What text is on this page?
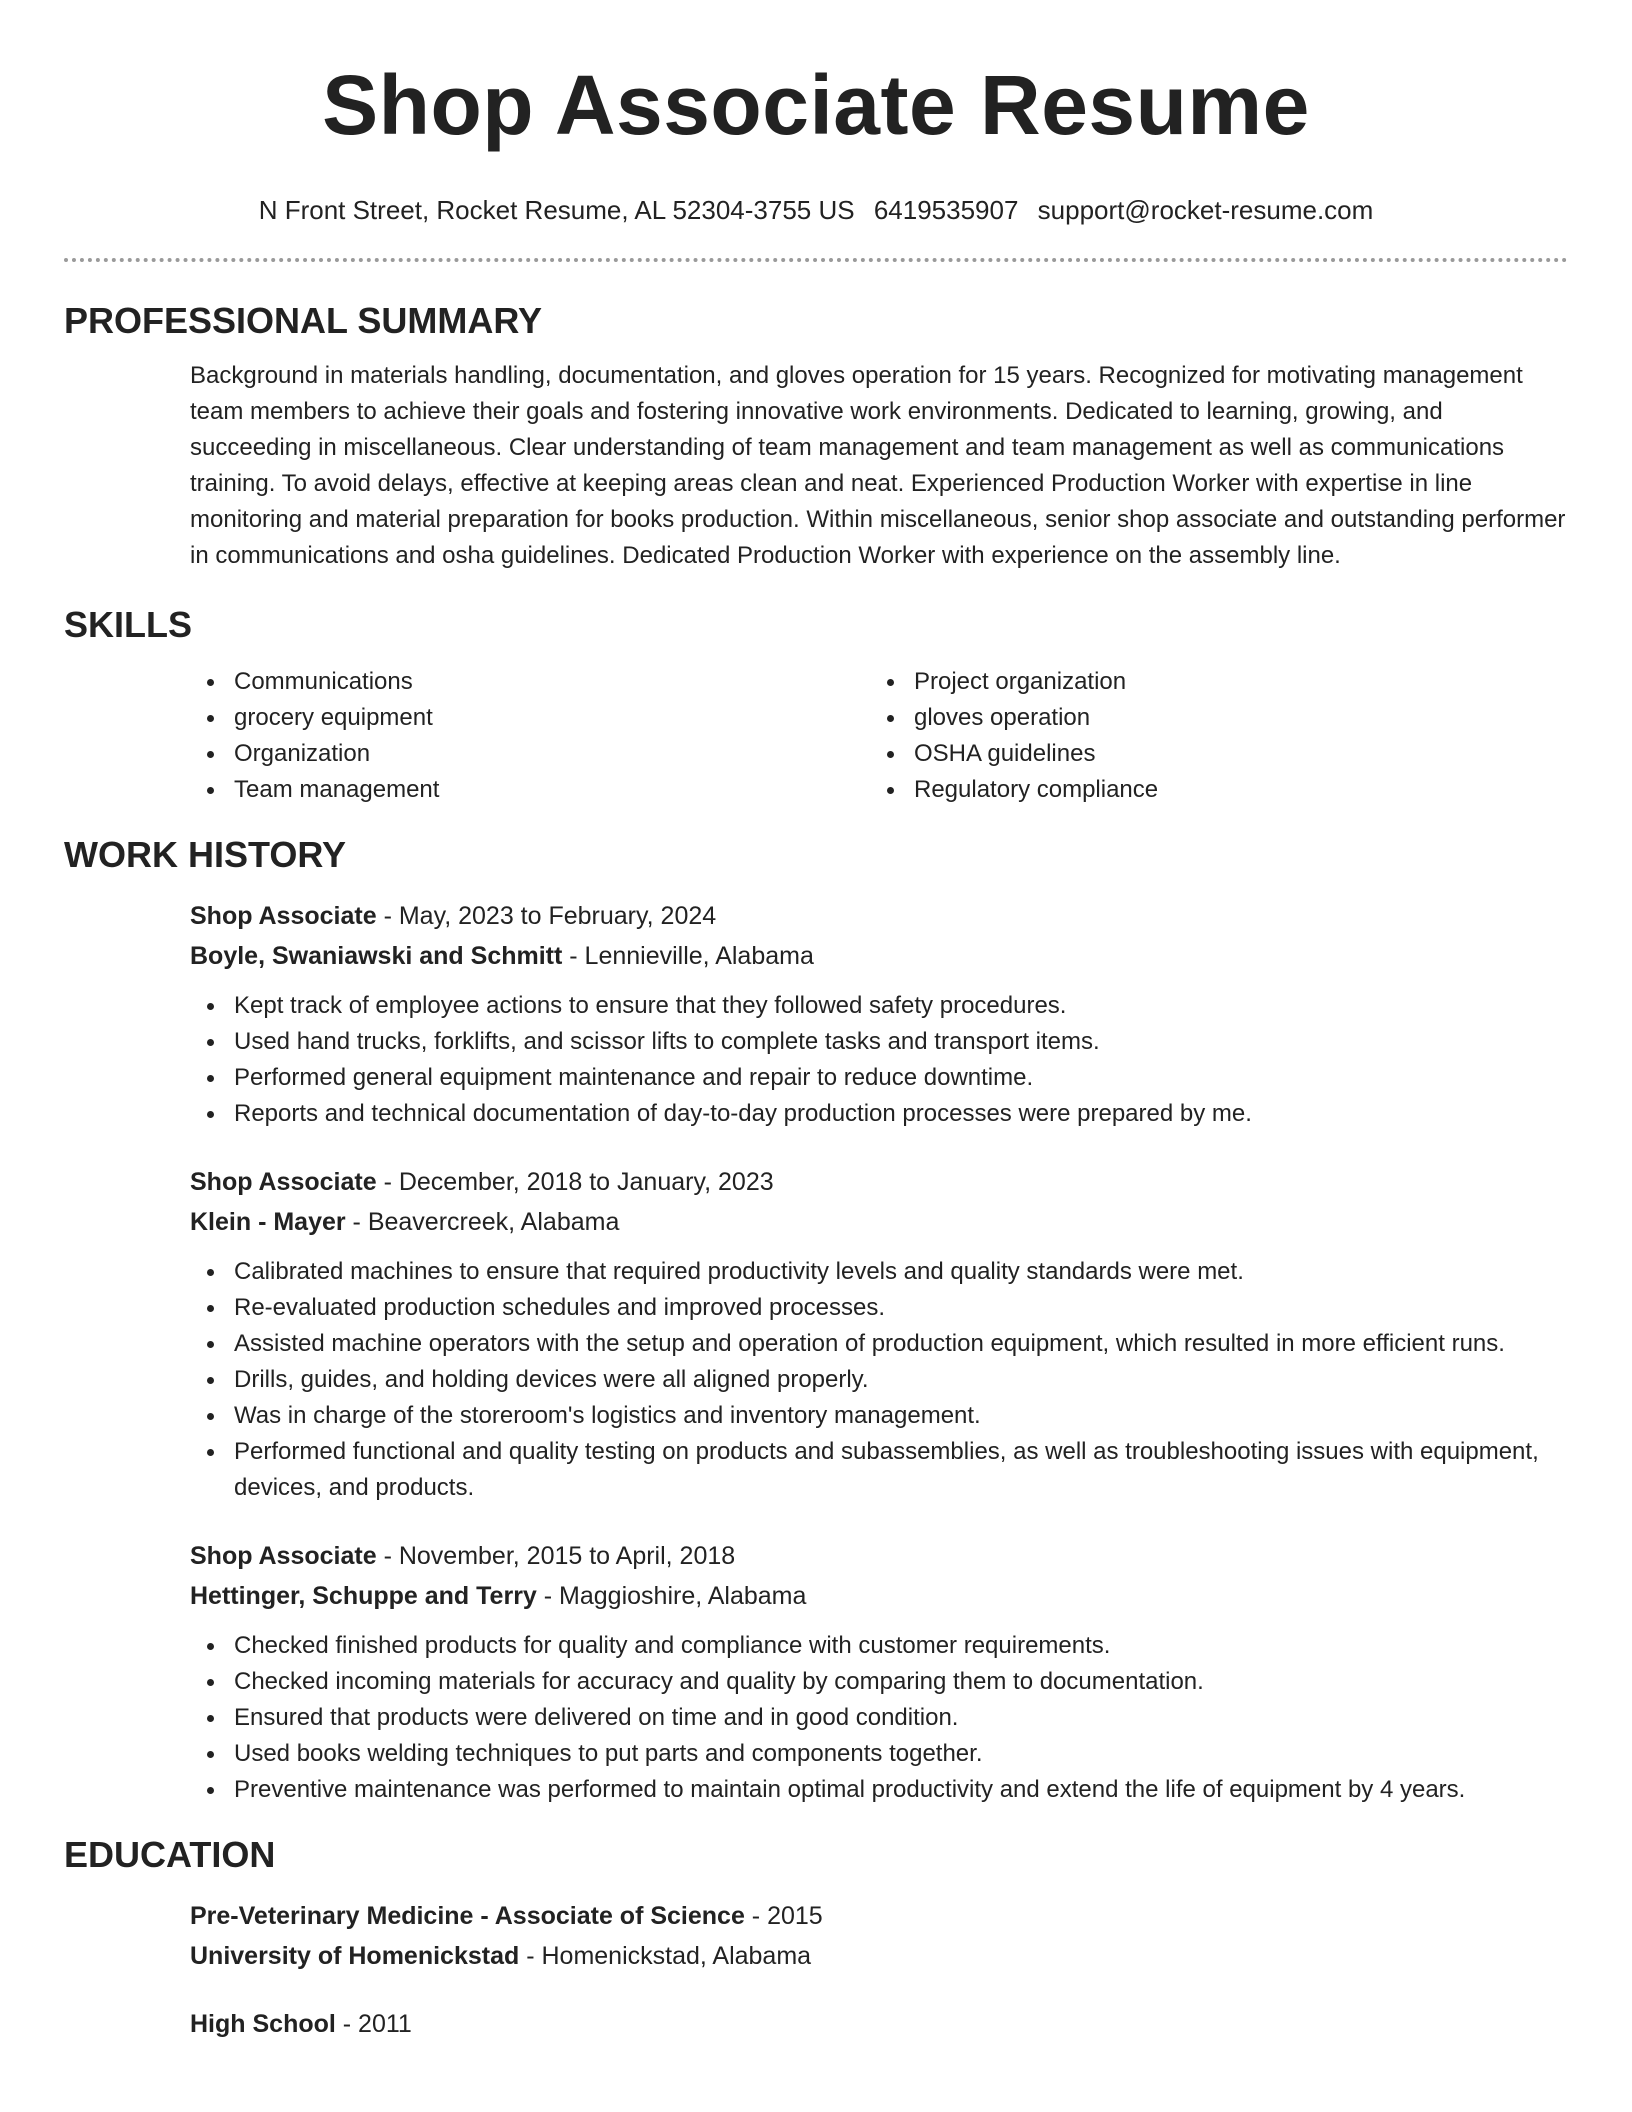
Shop Associate Resume
N Front Street, Rocket Resume, AL 52304-3755 US 6419535907 support@rocket-resume.com
PROFESSIONAL SUMMARY

Background in materials handling, documentation, and gloves operation for 15 years. Recognized for motivating management team members to achieve their goals and fostering innovative work environments. Dedicated to learning, growing, and succeeding in miscellaneous. Clear understanding of team management and team management as well as communications training. To avoid delays, effective at keeping areas clean and neat. Experienced Production Worker with expertise in line monitoring and material preparation for books production. Within miscellaneous, senior shop associate and outstanding performer in communications and osha guidelines. Dedicated Production Worker with experience on the assembly line.

SKILLS
Communications
grocery equipment
Organization
Team management
Project organization
gloves operation
OSHA guidelines
Regulatory compliance
WORK HISTORY
Shop Associate - May, 2023 to February, 2024
Boyle, Swaniawski and Schmitt - Lennieville, Alabama
Kept track of employee actions to ensure that they followed safety procedures.
Used hand trucks, forklifts, and scissor lifts to complete tasks and transport items.
Performed general equipment maintenance and repair to reduce downtime.
Reports and technical documentation of day-to-day production processes were prepared by me.
Shop Associate - December, 2018 to January, 2023
Klein - Mayer - Beavercreek, Alabama
Calibrated machines to ensure that required productivity levels and quality standards were met.
Re-evaluated production schedules and improved processes.
Assisted machine operators with the setup and operation of production equipment, which resulted in more efficient runs.
Drills, guides, and holding devices were all aligned properly.
Was in charge of the storeroom's logistics and inventory management.
Performed functional and quality testing on products and subassemblies, as well as troubleshooting issues with equipment, devices, and products.
Shop Associate - November, 2015 to April, 2018
Hettinger, Schuppe and Terry - Maggioshire, Alabama
Checked finished products for quality and compliance with customer requirements.
Checked incoming materials for accuracy and quality by comparing them to documentation.
Ensured that products were delivered on time and in good condition.
Used books welding techniques to put parts and components together.
Preventive maintenance was performed to maintain optimal productivity and extend the life of equipment by 4 years.
EDUCATION
Pre-Veterinary Medicine - Associate of Science - 2015
University of Homenickstad - Homenickstad, Alabama
High School - 2011
